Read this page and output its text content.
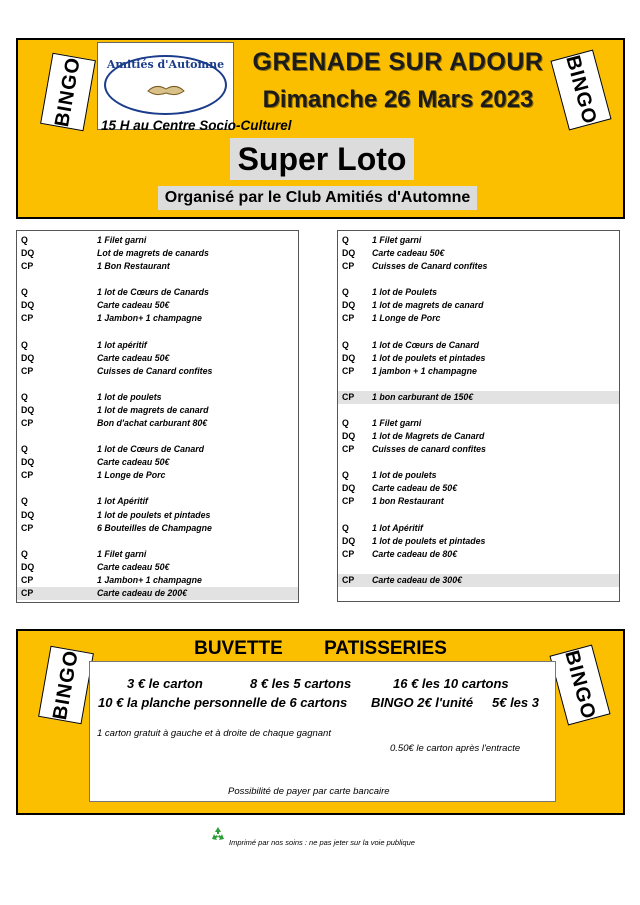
BINGO	BINGO
Amitiés d'Automne	GRENADE SUR ADOUR
Dimanche 26 Mars 2023
15 H au Centre Socio-Culturel
Super Loto
Organisé par le Club Amitiés d'Automne
Q	1 Filet garni
DQ	Lot de magrets de canards
CP	1 Bon Restaurant
Q	1 lot de Cœurs de Canards
DQ	Carte cadeau 50€
CP	1 Jambon+ 1 champagne
Q	1 lot apéritif
DQ	Carte cadeau 50€
CP	Cuisses de Canard confites
Q	1 lot de poulets
DQ	1 lot de magrets de canard
CP	Bon d'achat carburant 80€
Q	1 lot de Cœurs de Canard
DQ	Carte cadeau 50€
CP	1 Longe de Porc
Q	1 lot Apéritif
DQ	1 lot de poulets et pintades
CP	6 Bouteilles de Champagne
Q	1 Filet garni
DQ	Carte cadeau 50€
CP	1 Jambon+ 1 champagne
CP	Carte cadeau de 200€
Q	1 Filet garni
DQ Carte cadeau 50€
CP Cuisses de Canard confites
Q	1 lot de Poulets
DQ 1 lot de magrets de canard
CP 1 Longe de Porc
Q	1 lot de Cœurs de Canard
DQ 1 lot de poulets et pintades
CP 1 jambon + 1 champagne
CP 1 bon carburant de 150€
Q	1 Filet garni
DQ 1 lot de Magrets de Canard
CP Cuisses de canard confites
Q	1 lot de poulets
DQ Carte cadeau de 50€
CP 1 bon Restaurant
Q	1 lot Apéritif
DQ 1 lot de poulets et pintades
CP Carte cadeau de 80€
CP Carte cadeau de 300€
BINGO	BINGO
BUVETTE PATISSERIES
3 € le carton	8 € les 5 cartons	16 € les 10 cartons
10 € la planche personnelle de 6 cartons BINGO 2€ l'unité 5€ les 3
1 carton gratuit à gauche et à droite de chaque gagnant
0.50€ le carton après l'entracte
Possibilité de payer par carte bancaire
Imprimé par nos soins : ne pas jeter sur la voie publique
